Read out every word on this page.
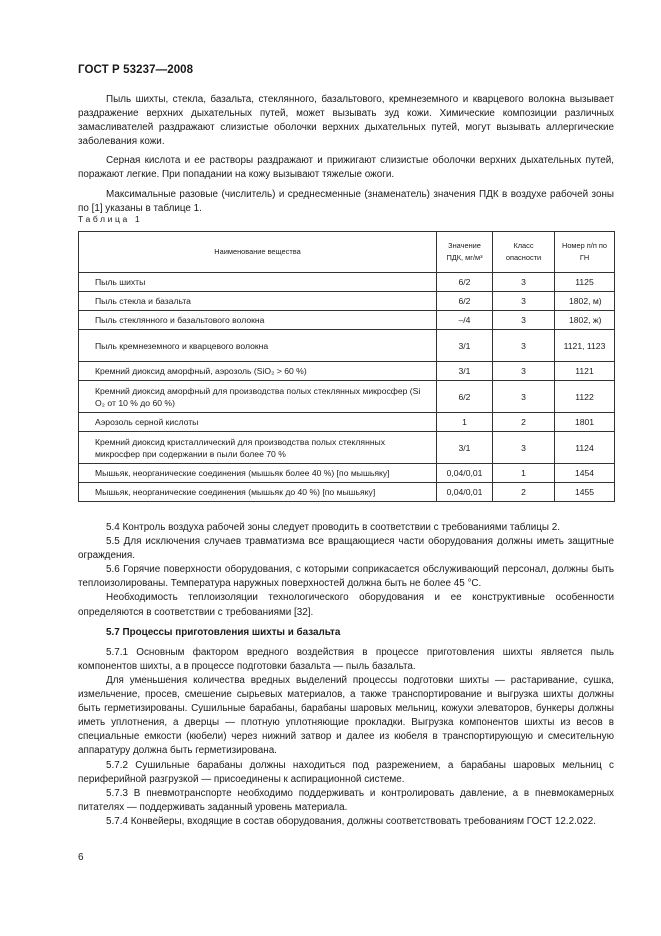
ГОСТ Р 53237—2008

Пыль шихты, стекла, базальта, стеклянного, базальтового, кремнеземного и кварцевого волокна вызывает раздражение верхних дыхательных путей, может вызывать зуд кожи. Химические композиции различных замасливателей раздражают слизистые оболочки верхних дыхательных путей, могут вызывать аллергические заболевания кожи.

Серная кислота и ее растворы раздражают и прижигают слизистые оболочки верхних дыхательных путей, поражают легкие. При попадании на кожу вызывают тяжелые ожоги.

Максимальные разовые (числитель) и среднесменные (знаменатель) значения ПДК в воздухе рабочей зоны по [1] указаны в таблице 1.

Таблица 1
Наименование вещества	Значение ПДК, мг/м³	Класс опасности	Номер п/п по ГН
Пыль шихты	6/2	3	1125
Пыль стекла и базальта	6/2	3	1802, м)
Пыль стеклянного и базальтового волокна	–/4	3	1802, ж)
Пыль кремнеземного и кварцевого волокна	3/1	3	1121, 1123
Кремний диоксид аморфный, аэрозоль (SiO₂ > 60 %)	3/1	3	1121
Кремний диоксид аморфный для производства полых стеклянных микросфер (Si O₂ от 10 % до 60 %)	6/2	3	1122
Аэрозоль серной кислоты	1	2	1801
Кремний диоксид кристаллический для производства полых стеклянных микросфер при содержании в пыли более 70 %	3/1	3	1124
Мышьяк, неорганические соединения (мышьяк более 40 %) [по мышьяку]	0,04/0,01	1	1454
Мышьяк, неорганические соединения (мышьяк до 40 %) [по мышьяку]	0,04/0,01	2	1455

5.4 Контроль воздуха рабочей зоны следует проводить в соответствии с требованиями таблицы 2.

5.5 Для исключения случаев травматизма все вращающиеся части оборудования должны иметь защитные ограждения.

5.6 Горячие поверхности оборудования, с которыми соприкасается обслуживающий персонал, должны быть теплоизолированы. Температура наружных поверхностей должна быть не более 45 °С.

Необходимость теплоизоляции технологического оборудования и ее конструктивные особенности определяются в соответствии с требованиями [32].

5.7 Процессы приготовления шихты и базальта

5.7.1 Основным фактором вредного воздействия в процессе приготовления шихты является пыль компонентов шихты, а в процессе подготовки базальта — пыль базальта.

Для уменьшения количества вредных выделений процессы подготовки шихты — растаривание, сушка, измельчение, просев, смешение сырьевых материалов, а также транспортирование и выгрузка шихты должны быть герметизированы. Сушильные барабаны, барабаны шаровых мельниц, кожухи элеваторов, бункеры должны иметь уплотнения, а дверцы — плотную уплотняющие прокладки. Выгрузка компонентов шихты из весов в специальные емкости (кюбели) через нижний затвор и далее из кюбеля в транспортирующую и смесительную аппаратуру должна быть герметизирована.

5.7.2 Сушильные барабаны должны находиться под разрежением, а барабаны шаровых мельниц с периферийной разгрузкой — присоединены к аспирационной системе.

5.7.3 В пневмотранспорте необходимо поддерживать и контролировать давление, а в пневмокамерных питателях — поддерживать заданный уровень материала.

5.7.4 Конвейеры, входящие в состав оборудования, должны соответствовать требованиям ГОСТ 12.2.022.

6
